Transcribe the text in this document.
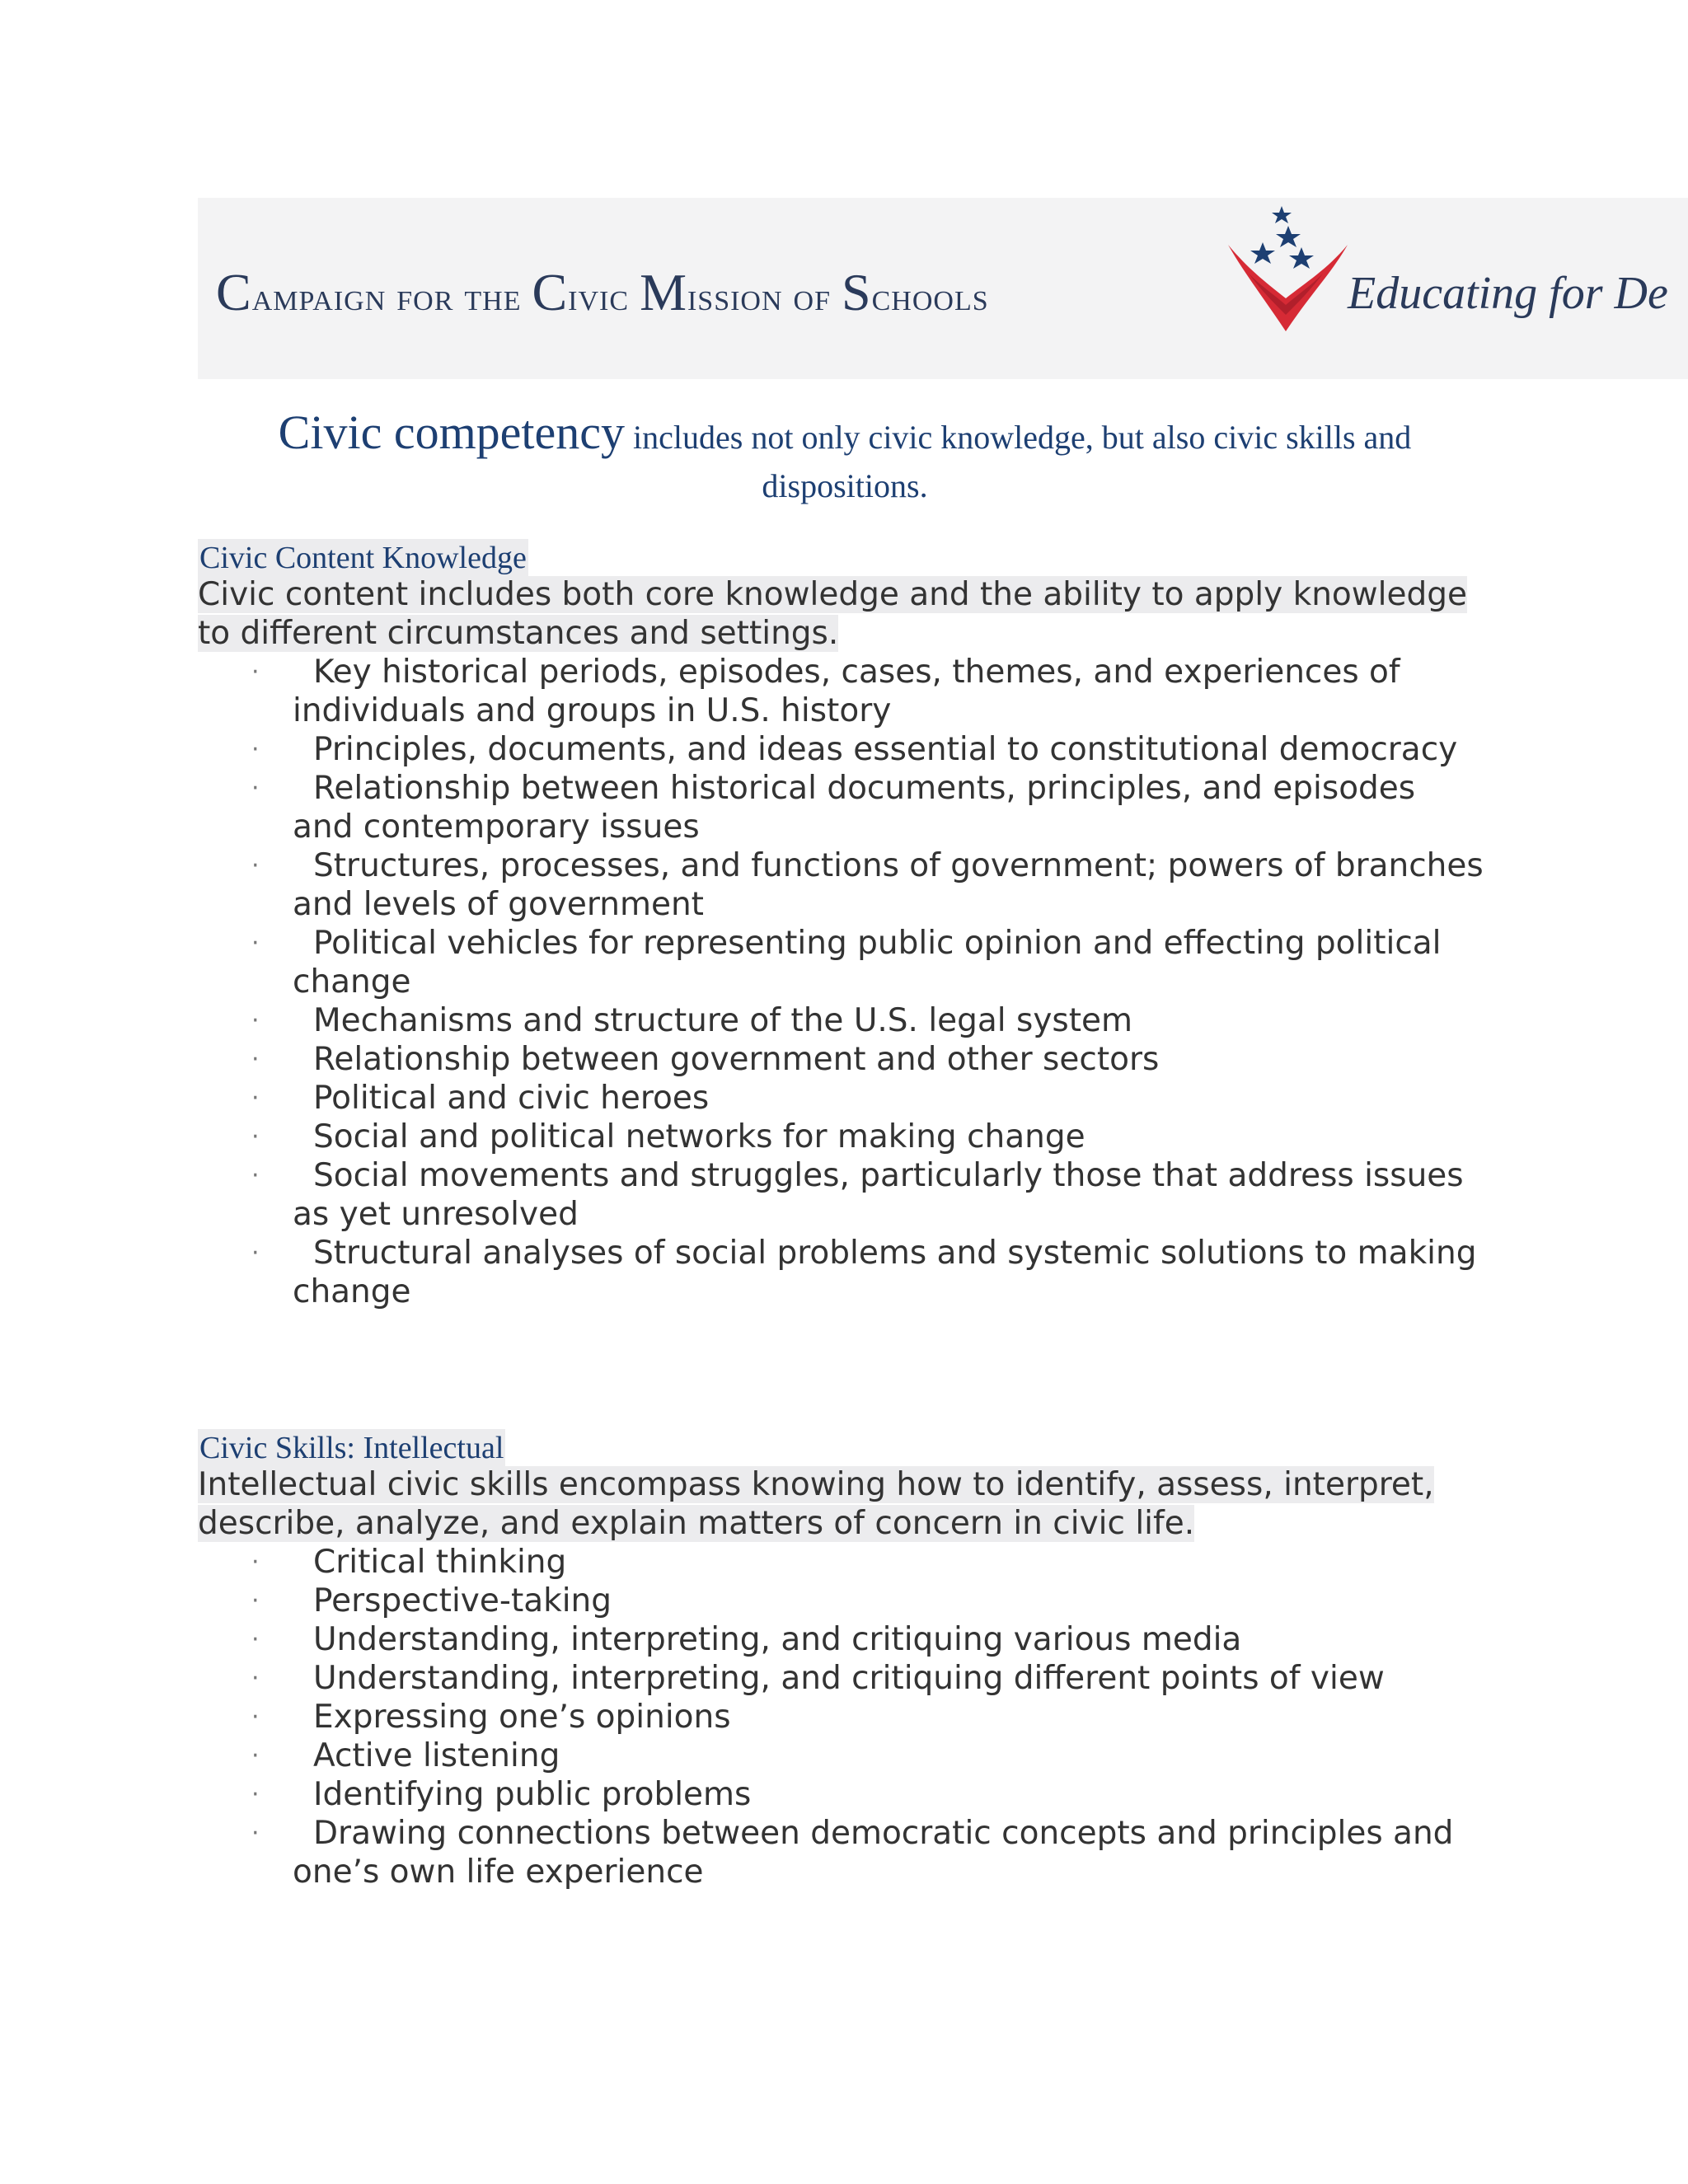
Campaign for the Civic Mission of Schools	Educating for De
Civic competency includes not only civic knowledge, but also civic skills and dispositions.
Civic Content Knowledge
Civic content includes both core knowledge and the ability to apply knowledge to different circumstances and settings.
·	Key historical periods, episodes, cases, themes, and experiences of individuals and groups in U.S. history
·	Principles, documents, and ideas essential to constitutional democracy
·	Relationship between historical documents, principles, and episodes and contemporary issues
·	Structures, processes, and functions of government; powers of branches and levels of government
·	Political vehicles for representing public opinion and effecting political change
·	Mechanisms and structure of the U.S. legal system
·	Relationship between government and other sectors
·	Political and civic heroes
·	Social and political networks for making change
·	Social movements and struggles, particularly those that address issues as yet unresolved
·	Structural analyses of social problems and systemic solutions to making change
Civic Skills: Intellectual
Intellectual civic skills encompass knowing how to identify, assess, interpret, describe, analyze, and explain matters of concern in civic life.
·	Critical thinking
·	Perspective-taking
·	Understanding, interpreting, and critiquing various media
·	Understanding, interpreting, and critiquing different points of view
·	Expressing one’s opinions
·	Active listening
·	Identifying public problems
·	Drawing connections between democratic concepts and principles and one’s own life experience
